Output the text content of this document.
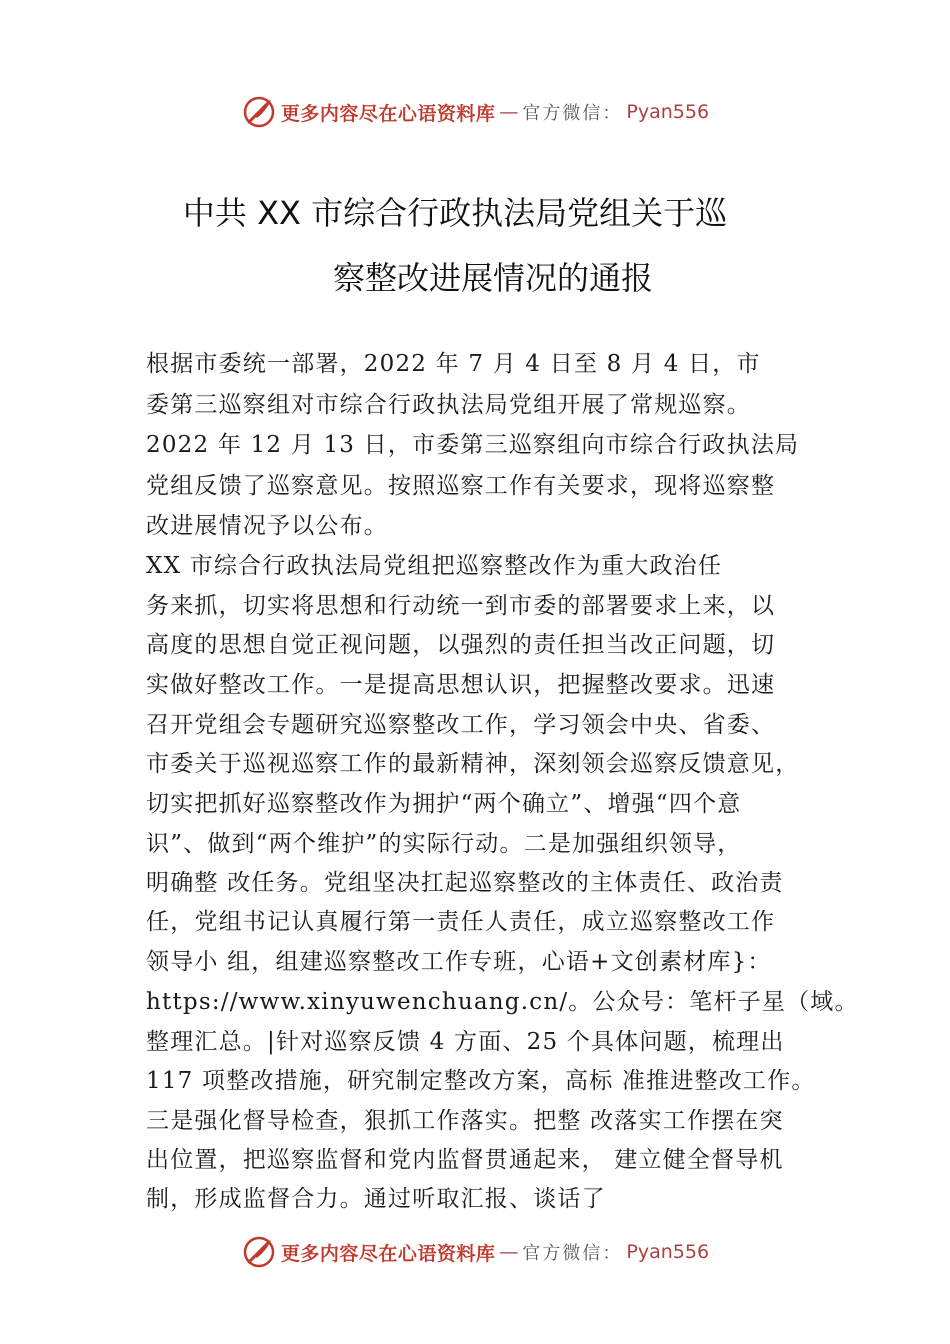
更多内容尽在心语资料库 — 官方微信： Pyan556
中共 XX 市综合行政执法局党组关于巡
察整改进展情况的通报
根据市委统一部署，2022 年 7 月 4 日至 8 月 4 日，市
委第三巡察组对市综合行政执法局党组开展了常规巡察。
2022 年 12 月 13 日，市委第三巡察组向市综合行政执法局
党组反馈了巡察意见。按照巡察工作有关要求，现将巡察整
改进展情况予以公布。
XX 市综合行政执法局党组把巡察整改作为重大政治任
务来抓，切实将思想和行动统一到市委的部署要求上来，以
高度的思想自觉正视问题，以强烈的责任担当改正问题，切
实做好整改工作。一是提高思想认识，把握整改要求。迅速
召开党组会专题研究巡察整改工作，学习领会中央、省委、
市委关于巡视巡察工作的最新精神，深刻领会巡察反馈意见，
切实把抓好巡察整改作为拥护“两个确立”、增强“四个意
识”、做到“两个维护”的实际行动。二是加强组织领导，
明确整 改任务。党组坚决扛起巡察整改的主体责任、政治责
任，党组书记认真履行第一责任人责任，成立巡察整改工作
领导小 组，组建巡察整改工作专班，心语+文创素材库}：
https://www.xinyuwenchuang.cn/。公众号：笔杆子星（域。
整理汇总。|针对巡察反馈 4 方面、25 个具体问题，梳理出
117 项整改措施，研究制定整改方案，高标 准推进整改工作。
三是强化督导检查，狠抓工作落实。把整 改落实工作摆在突
出位置，把巡察监督和党内监督贯通起来， 建立健全督导机
制，形成监督合力。通过听取汇报、谈话了
更多内容尽在心语资料库 — 官方微信： Pyan556
